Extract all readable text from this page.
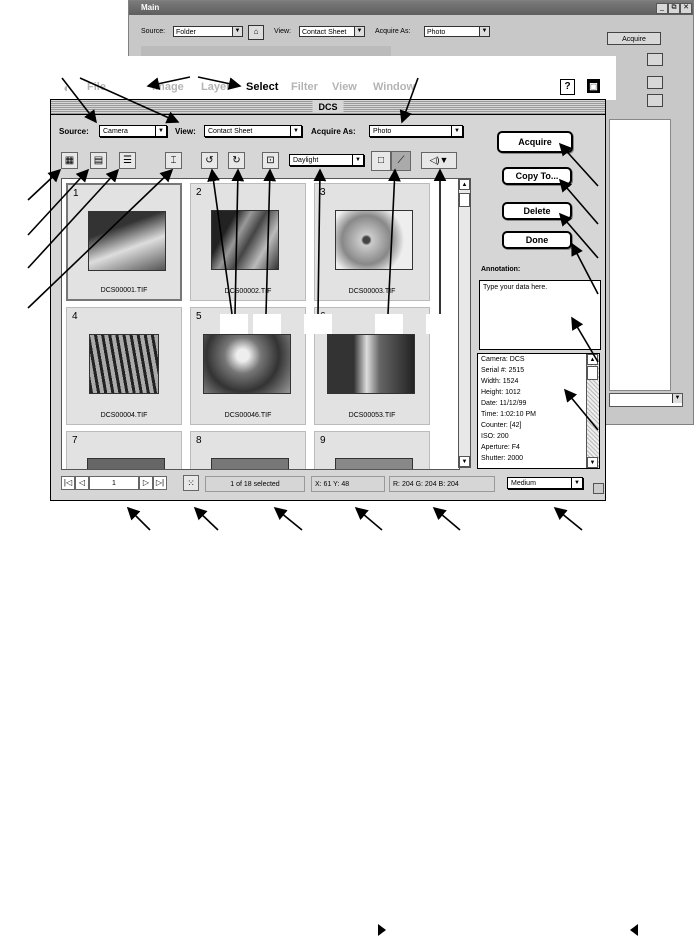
Main	_	⧉ ✕
Source:	Folder	▼	⌂	View:	Contact Sheet	▼ Acquire As:	Photo	▼
Acquire
▼
◖ File	Image Layer Select Filter View Window	?	▣
DCS
Source:	Camera	▼ View:	Contact Sheet	▼ Acquire As:	Photo	▼
▦	▤	☰	⌶	↺	↻	⊡	Daylight	▼	□	⟋	◁)▼
1
DCS00001.TIF
2
DCS00002.TIF
3
DCS00003.TIF
4
DCS00004.TIF
5
DCS00046.TIF	DCS00053.TIF
7	8	9
▲
▼
Acquire
Copy To...
Delete
Done
Annotation:
Type your data here.
Camera: DCS
Serial #: 2515
Width: 1524
Height: 1012
Date: 11/12/99
Time: 1:02:10 PM
Counter: [42]
ISO: 200
Aperture: F4
Shutter: 2000
▲
▼
|◁ ◁	1	▷ ▷|	⁙	1 of 18 selected	X: 61 Y: 48	R: 204 G: 204 B: 204	Medium	▼
